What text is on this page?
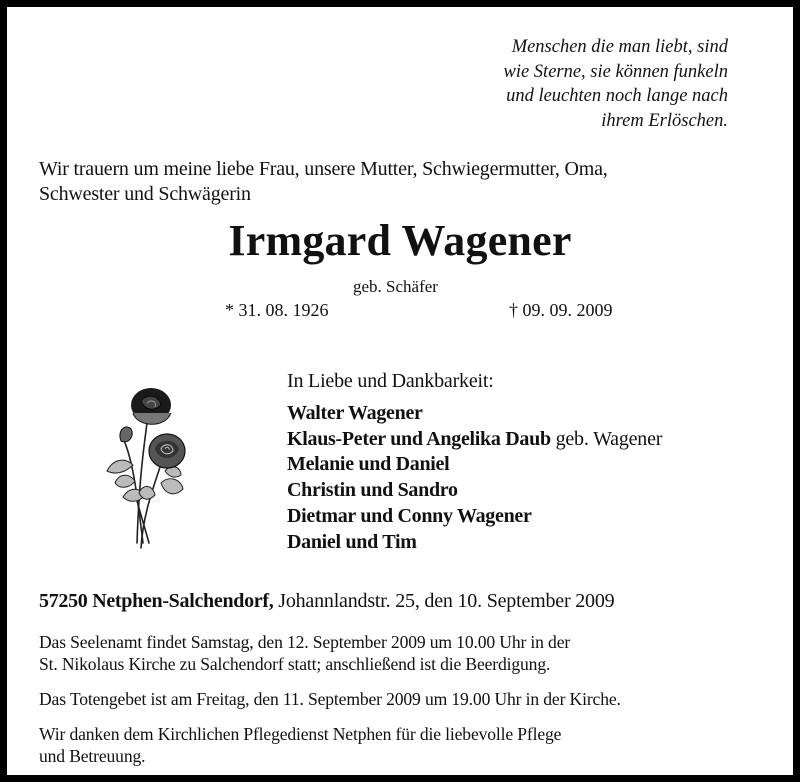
Menschen die man liebt, sind
wie Sterne, sie können funkeln
und leuchten noch lange nach
ihrem Erlöschen.
Wir trauern um meine liebe Frau, unsere Mutter, Schwiegermutter, Oma,
Schwester und Schwägerin
Irmgard Wagener
geb. Schäfer
* 31. 08. 1926	† 09. 09. 2009
In Liebe und Dankbarkeit:
Walter Wagener
Klaus-Peter und Angelika Daub geb. Wagener
Melanie und Daniel
Christin und Sandro
Dietmar und Conny Wagener
Daniel und Tim
57250 Netphen-Salchendorf, Johannlandstr. 25, den 10. September 2009
Das Seelenamt findet Samstag, den 12. September 2009 um 10.00 Uhr in der
St. Nikolaus Kirche zu Salchendorf statt; anschließend ist die Beerdigung.
Das Totengebet ist am Freitag, den 11. September 2009 um 19.00 Uhr in der Kirche.
Wir danken dem Kirchlichen Pflegedienst Netphen für die liebevolle Pflege
und Betreuung.
